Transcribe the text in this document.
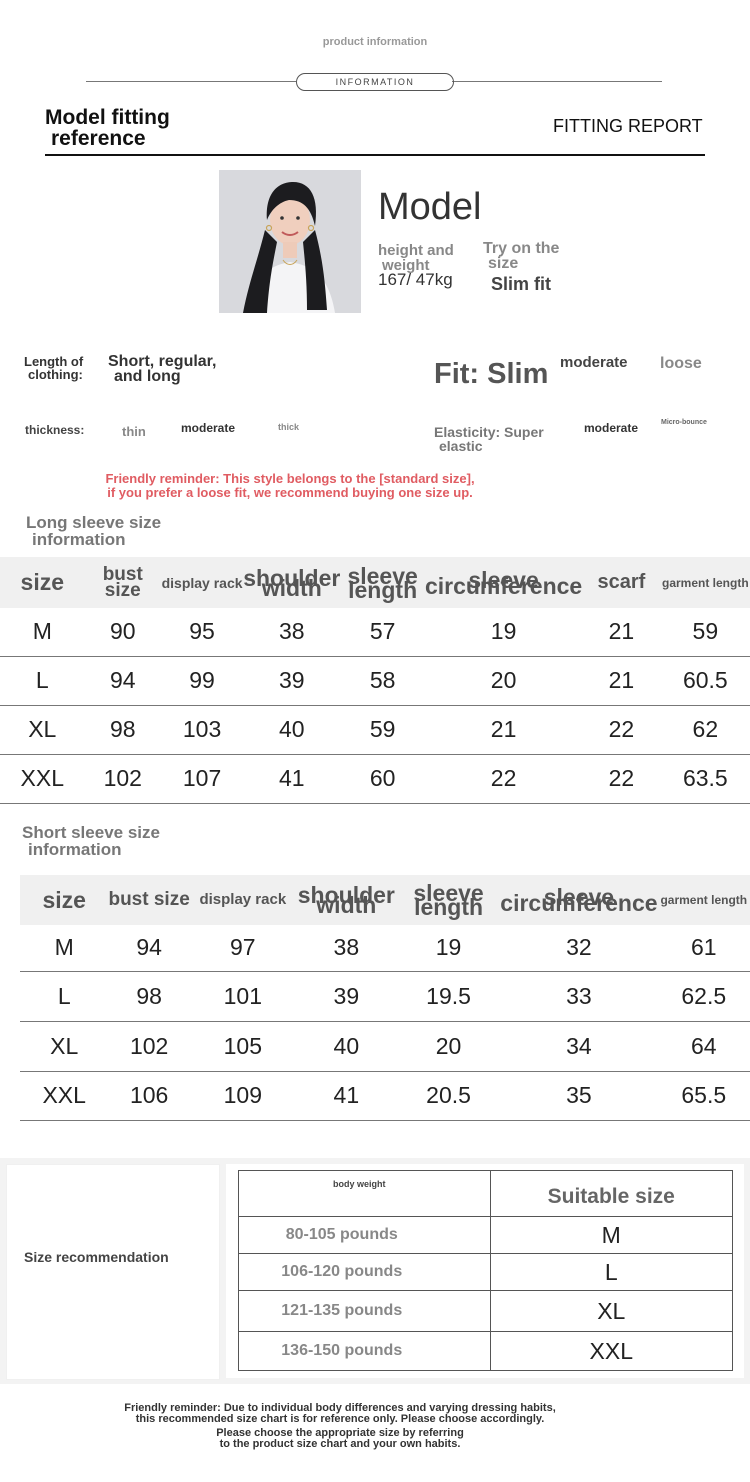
product information
INFORMATION
Model fitting
reference
FITTING REPORT
Model
height and
weight
167/ 47kg
Try on the
size
Slim fit
Length of
clothing:
Short, regular,
and long	Fit: Slim moderate loose
thickness:	thin	moderate	thick	Elasticity: Super
elastic
moderate	Micro-bounce
Friendly reminder: This style belongs to the [standard size],
if you prefer a loose fit, we recommend buying one size up.
Long sleeve size
information
size	bust size	display rack	shoulder width	sleeve length	sleeve circumference	scarf	garment length
M	90	95	38	57	19	21	59
L	94	99	39	58	20	21	60.5
XL	98	103	40	59	21	22	62
XXL	102	107	41	60	22	22	63.5
Short sleeve size
information
size	bust size	display rack	shoulder width	sleeve length	sleeve circumference	garment length
M	94	97	38	19	32	61
L	98	101	39	19.5	33	62.5
XL	102	105	40	20	34	64
XXL	106	109	41	20.5	35	65.5
Size recommendation
body weight	Suitable size
80-105 pounds	M
106-120 pounds	L
121-135 pounds	XL
136-150 pounds	XXL
Friendly reminder: Due to individual body differences and varying dressing habits,
this recommended size chart is for reference only. Please choose accordingly.
Please choose the appropriate size by referring
to the product size chart and your own habits.
